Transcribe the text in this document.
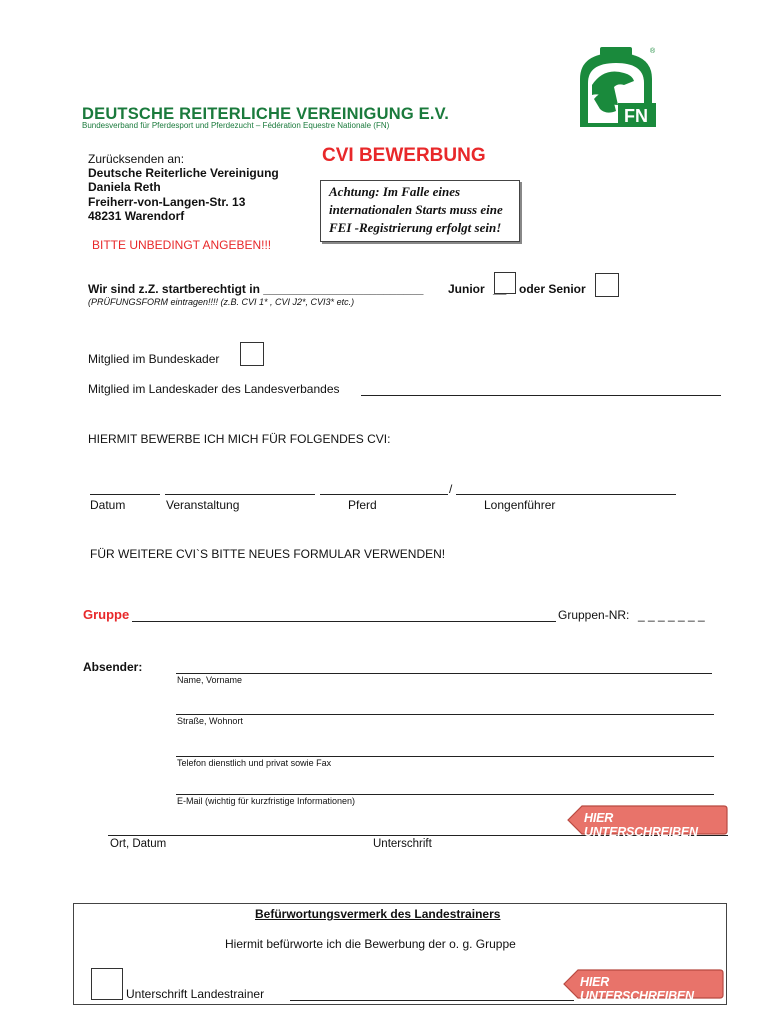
DEUTSCHE REITERLICHE VEREINIGUNG E.V.
Bundesverband für Pferdesport und Pferdezucht – Fédération Equestre Nationale (FN)	FN
®
Zurücksenden an:
Deutsche Reiterliche Vereinigung
Daniela Reth
Freiherr-von-Langen-Str. 13
48231 Warendorf
CVI BEWERBUNG
Achtung: Im Falle eines internationalen Starts muss eine FEI -Registrierung erfolgt sein!
BITTE UNBEDINGT ANGEBEN!!!
Wir sind z.Z. startberechtigt in ________________________ Junior	oder Senior
(PRÜFUNGSFORM eintragen!!!! (z.B. CVI 1* , CVI J2*, CVI3* etc.)
Mitglied im Bundeskader
Mitglied im Landeskader des Landesverbandes
HIERMIT BEWERBE ICH MICH FÜR FOLGENDES CVI:
/
Datum	Veranstaltung	Pferd	Longenführer
FÜR WEITERE CVI`S BITTE NEUES FORMULAR VERWENDEN!
Gruppe	Gruppen-NR: _ _ _ _ _ _ _
Absender:
Name, Vorname
Straße, Wohnort
Telefon dienstlich und privat sowie Fax
E-Mail (wichtig für kurzfristige Informationen)
Ort, Datum	Unterschrift
HIER UNTERSCHREIBEN
Befürwortungsvermerk des Landestrainers
Hiermit befürworte ich die Bewerbung der o. g. Gruppe
Unterschrift Landestrainer
HIER UNTERSCHREIBEN
